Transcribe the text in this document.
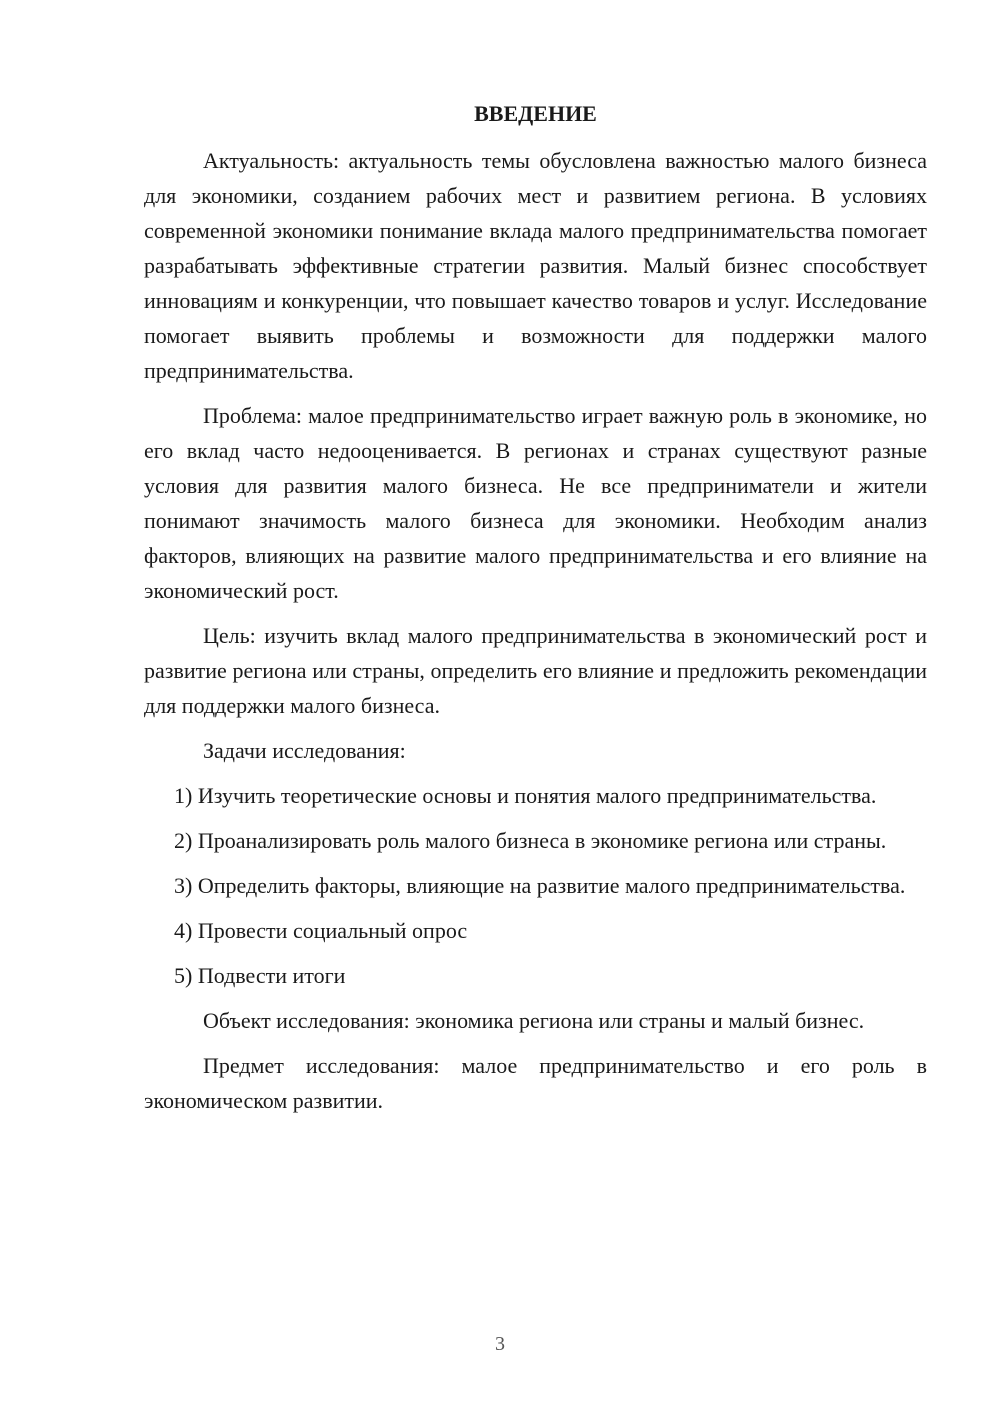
ВВЕДЕНИЕ

Актуальность: актуальность темы обусловлена важностью малого бизнеса для экономики, созданием рабочих мест и развитием региона. В условиях современной экономики понимание вклада малого предпринимательства помогает разрабатывать эффективные стратегии развития. Малый бизнес способствует инновациям и конкуренции, что повышает качество товаров и услуг. Исследование помогает выявить проблемы и возможности для поддержки малого предпринимательства.

Проблема: малое предпринимательство играет важную роль в экономике, но его вклад часто недооценивается. В регионах и странах существуют разные условия для развития малого бизнеса. Не все предприниматели и жители понимают значимость малого бизнеса для экономики. Необходим анализ факторов, влияющих на развитие малого предпринимательства и его влияние на экономический рост.

Цель: изучить вклад малого предпринимательства в экономический рост и развитие региона или страны, определить его влияние и предложить рекомендации для поддержки малого бизнеса.

Задачи исследования:

1) Изучить теоретические основы и понятия малого предпринимательства.

2) Проанализировать роль малого бизнеса в экономике региона или страны.

3) Определить факторы, влияющие на развитие малого предпринимательства.

4) Провести социальный опрос

5) Подвести итоги

Объект исследования: экономика региона или страны и малый бизнес.

Предмет исследования: малое предпринимательство и его роль в экономическом развитии.

3
